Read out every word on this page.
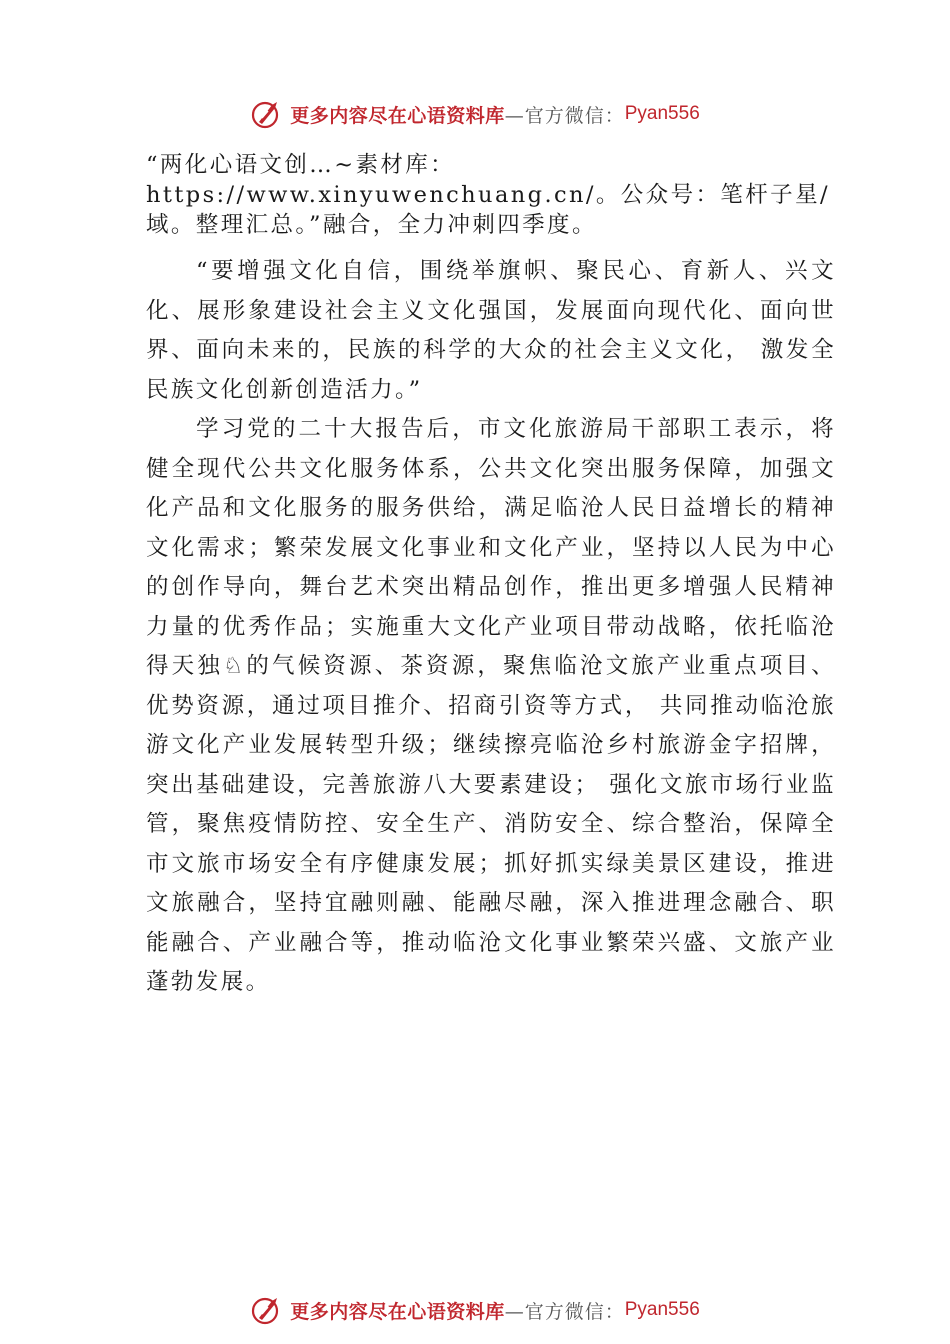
更多内容尽在心语资料库 —官方微信： Pyan556

“两化心语文创…~素材库：https://www.xinyuwenchuang.cn/。公众号：笔杆子星/域。整理汇总。”融合，全力冲刺四季度。

“要增强文化自信，围绕举旗帜、聚民心、育新人、兴文化、展形象建设社会主义文化强国，发展面向现代化、面向世界、面向未来的，民族的科学的大众的社会主义文化， 激发全民族文化创新创造活力。”

学习党的二十大报告后，市文化旅游局干部职工表示，将健全现代公共文化服务体系，公共文化突出服务保障，加强文化产品和文化服务的服务供给，满足临沧人民日益增长的精神文化需求；繁荣发展文化事业和文化产业，坚持以人民为中心的创作导向，舞台艺术突出精品创作，推出更多增强人民精神力量的优秀作品；实施重大文化产业项目带动战略，依托临沧得天独♘的气候资源、茶资源，聚焦临沧文旅产业重点项目、优势资源，通过项目推介、招商引资等方式， 共同推动临沧旅游文化产业发展转型升级；继续擦亮临沧乡村旅游金字招牌，突出基础建设，完善旅游八大要素建设； 强化文旅市场行业监管，聚焦疫情防控、安全生产、消防安全、综合整治，保障全市文旅市场安全有序健康发展；抓好抓实绿美景区建设，推进文旅融合，坚持宜融则融、能融尽融，深入推进理念融合、职能融合、产业融合等，推动临沧文化事业繁荣兴盛、文旅产业蓬勃发展。

更多内容尽在心语资料库 —官方微信： Pyan556
